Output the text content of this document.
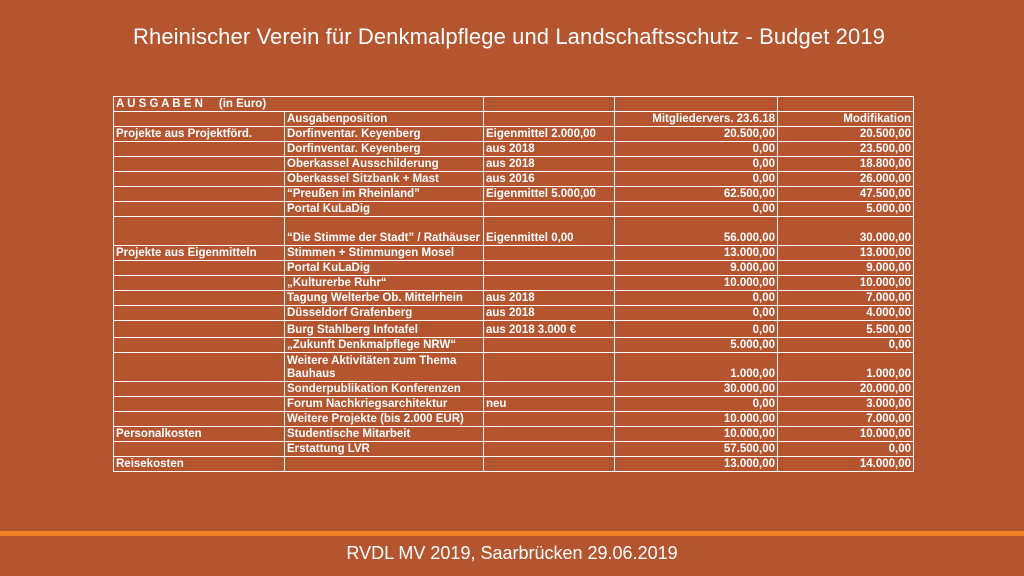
Rheinischer Verein für Denkmalpflege und Landschaftsschutz - Budget 2019
A U S G A B E N (in Euro)				
	Ausgabenposition		Mitgliedervers. 23.6.18	Modifikation
Projekte aus Projektförd.	Dorfinventar. Keyenberg	Eigenmittel 2.000,00	20.500,00	20.500,00
	Dorfinventar. Keyenberg	aus 2018	0,00	23.500,00
	Oberkassel Ausschilderung	aus 2018	0,00	18.800,00
	Oberkassel Sitzbank + Mast	aus 2016	0,00	26.000,00
	“Preußen im Rheinland”	Eigenmittel 5.000,00	62.500,00	47.500,00
	Portal KuLaDig		0,00	5.000,00
	“Die Stimme der Stadt” / Rathäuser	Eigenmittel 0,00	56.000,00	30.000,00
Projekte aus Eigenmitteln	Stimmen + Stimmungen Mosel		13.000,00	13.000,00
	Portal KuLaDig		9.000,00	9.000,00
	„Kulturerbe Ruhr“		10.000,00	10.000,00
	Tagung Welterbe Ob. Mittelrhein	aus 2018	0,00	7.000,00
	Düsseldorf Grafenberg	aus 2018	0,00	4.000,00
	Burg Stahlberg Infotafel	aus 2018 3.000 €	0,00	5.500,00
	„Zukunft Denkmalpflege NRW“		5.000,00	0,00
	Weitere Aktivitäten zum Thema Bauhaus		1.000,00	1.000,00
	Sonderpublikation Konferenzen		30.000,00	20.000,00
	Forum Nachkriegsarchitektur	neu	0,00	3.000,00
	Weitere Projekte (bis 2.000 EUR)		10.000,00	7.000,00
Personalkosten	Studentische Mitarbeit		10.000,00	10.000,00
	Erstattung LVR		57.500,00	0,00
Reisekosten			13.000,00	14.000,00
RVDL MV 2019, Saarbrücken 29.06.2019
